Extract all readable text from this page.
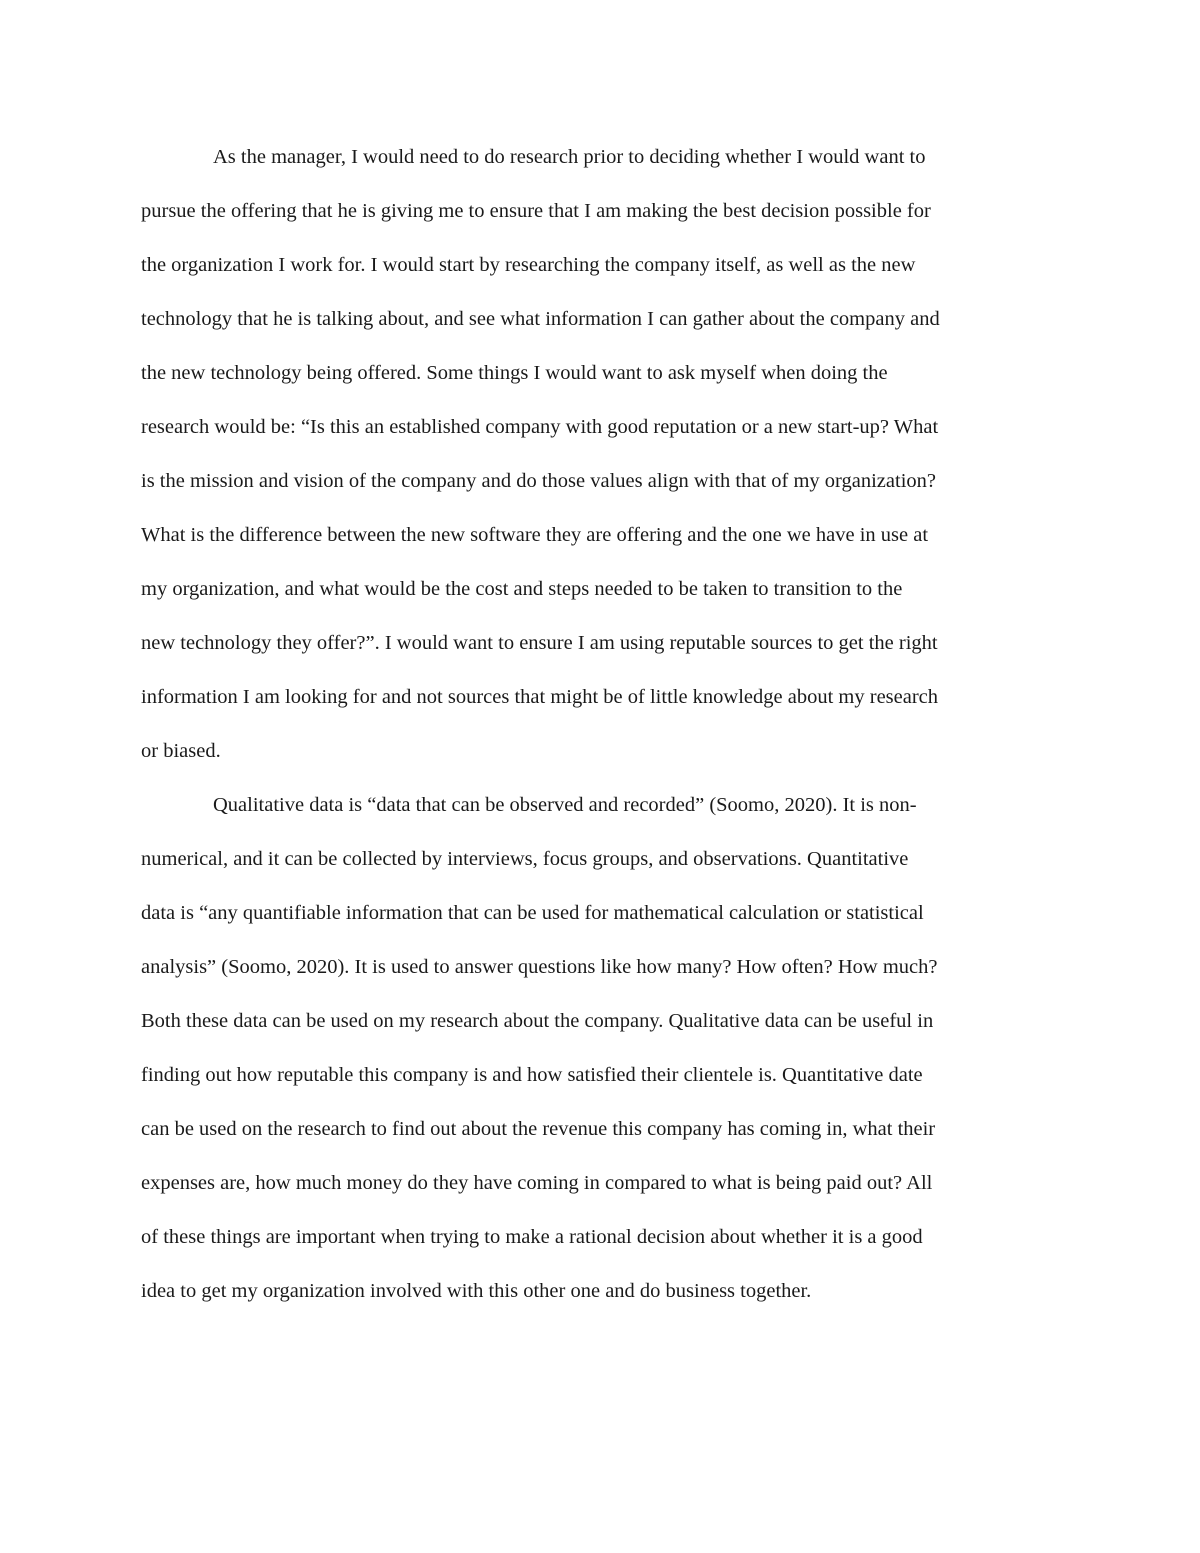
As the manager, I would need to do research prior to deciding whether I would want to
pursue the offering that he is giving me to ensure that I am making the best decision possible for
the organization I work for. I would start by researching the company itself, as well as the new
technology that he is talking about, and see what information I can gather about the company and
the new technology being offered. Some things I would want to ask myself when doing the
research would be: “Is this an established company with good reputation or a new start-up? What
is the mission and vision of the company and do those values align with that of my organization?
What is the difference between the new software they are offering and the one we have in use at
my organization, and what would be the cost and steps needed to be taken to transition to the
new technology they offer?”. I would want to ensure I am using reputable sources to get the right
information I am looking for and not sources that might be of little knowledge about my research
or biased.
Qualitative data is “data that can be observed and recorded” (Soomo, 2020). It is non-
numerical, and it can be collected by interviews, focus groups, and observations. Quantitative
data is “any quantifiable information that can be used for mathematical calculation or statistical
analysis” (Soomo, 2020). It is used to answer questions like how many? How often? How much?
Both these data can be used on my research about the company. Qualitative data can be useful in
finding out how reputable this company is and how satisfied their clientele is. Quantitative date
can be used on the research to find out about the revenue this company has coming in, what their
expenses are, how much money do they have coming in compared to what is being paid out? All
of these things are important when trying to make a rational decision about whether it is a good
idea to get my organization involved with this other one and do business together.
